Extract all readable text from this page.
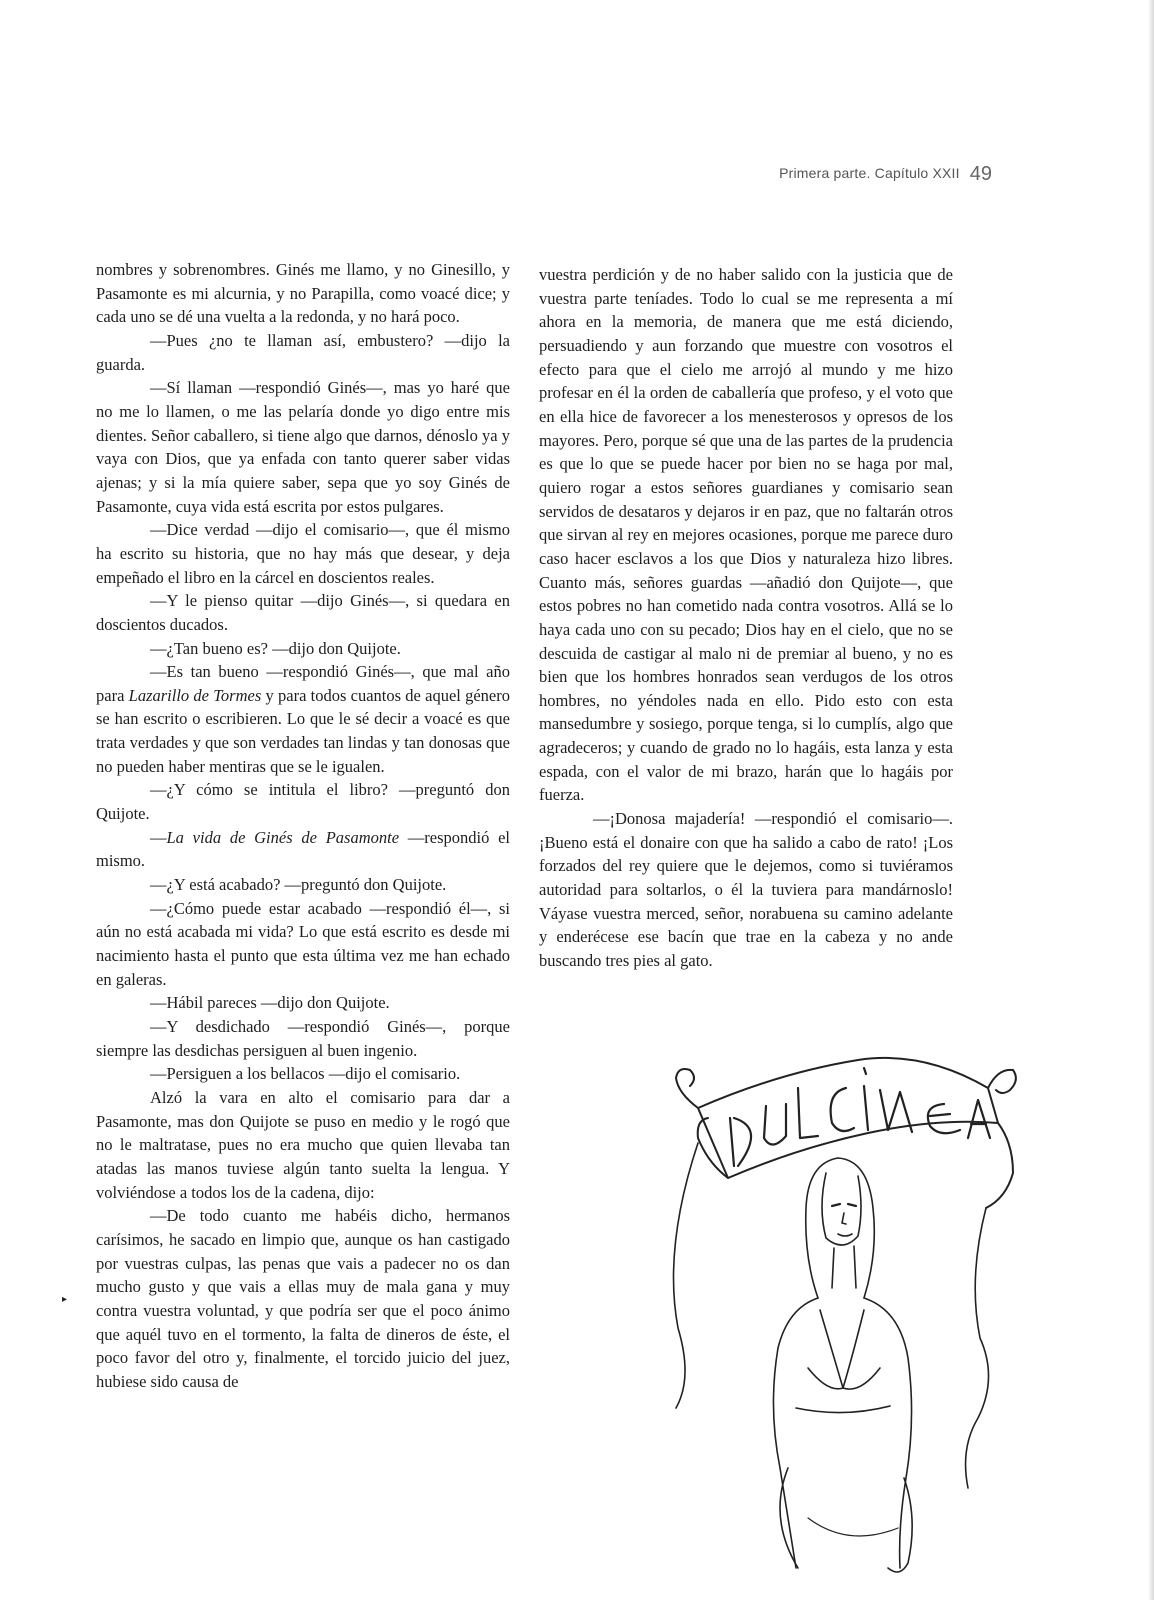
Primera parte. Capítulo XXII 49

nombres y sobrenombres. Ginés me llamo, y no Ginesillo, y Pasamonte es mi alcurnia, y no Parapilla, como voacé dice; y cada uno se dé una vuelta a la redonda, y no hará poco.

—Pues ¿no te llaman así, embustero? —dijo la guarda.

—Sí llaman —respondió Ginés—, mas yo haré que no me lo llamen, o me las pelaría donde yo digo entre mis dientes. Señor caballero, si tiene algo que darnos, dénoslo ya y vaya con Dios, que ya enfada con tanto querer saber vidas ajenas; y si la mía quiere saber, sepa que yo soy Ginés de Pasamonte, cuya vida está escrita por estos pulgares.

—Dice verdad —dijo el comisario—, que él mismo ha escrito su historia, que no hay más que desear, y deja empeñado el libro en la cárcel en doscientos reales.

—Y le pienso quitar —dijo Ginés—, si quedara en doscientos ducados.

—¿Tan bueno es? —dijo don Quijote.

—Es tan bueno —respondió Ginés—, que mal año para Lazarillo de Tormes y para todos cuantos de aquel género se han escrito o escribieren. Lo que le sé decir a voacé es que trata verdades y que son verdades tan lindas y tan donosas que no pueden haber mentiras que se le igualen.

—¿Y cómo se intitula el libro? —preguntó don Quijote.

—La vida de Ginés de Pasamonte —respondió el mismo.

—¿Y está acabado? —preguntó don Quijote.

—¿Cómo puede estar acabado —respondió él—, si aún no está acabada mi vida? Lo que está escrito es desde mi nacimiento hasta el punto que esta última vez me han echado en galeras.

—Hábil pareces —dijo don Quijote.

—Y desdichado —respondió Ginés—, porque siempre las desdichas persiguen al buen ingenio.

—Persiguen a los bellacos —dijo el comisario.

Alzó la vara en alto el comisario para dar a Pasamonte, mas don Quijote se puso en medio y le rogó que no le maltratase, pues no era mucho que quien llevaba tan atadas las manos tuviese algún tanto suelta la lengua. Y volviéndose a todos los de la cadena, dijo:

—De todo cuanto me habéis dicho, hermanos carísimos, he sacado en limpio que, aunque os han castigado por vuestras culpas, las penas que vais a padecer no os dan mucho gusto y que vais a ellas muy de mala gana y muy contra vuestra voluntad, y que podría ser que el poco ánimo que aquél tuvo en el tormento, la falta de dineros de éste, el poco favor del otro y, finalmente, el torcido juicio del juez, hubiese sido causa de

▸

vuestra perdición y de no haber salido con la justicia que de vuestra parte teníades. Todo lo cual se me representa a mí ahora en la memoria, de manera que me está diciendo, persuadiendo y aun forzando que muestre con vosotros el efecto para que el cielo me arrojó al mundo y me hizo profesar en él la orden de caballería que profeso, y el voto que en ella hice de favorecer a los menesterosos y opresos de los mayores. Pero, porque sé que una de las partes de la prudencia es que lo que se puede hacer por bien no se haga por mal, quiero rogar a estos señores guardianes y comisario sean servidos de desataros y dejaros ir en paz, que no faltarán otros que sirvan al rey en mejores ocasiones, porque me parece duro caso hacer esclavos a los que Dios y naturaleza hizo libres. Cuanto más, señores guardas —añadió don Quijote—, que estos pobres no han cometido nada contra vosotros. Allá se lo haya cada uno con su pecado; Dios hay en el cielo, que no se descuida de castigar al malo ni de premiar al bueno, y no es bien que los hombres honrados sean verdugos de los otros hombres, no yéndoles nada en ello. Pido esto con esta mansedumbre y sosiego, porque tenga, si lo cumplís, algo que agradeceros; y cuando de grado no lo hagáis, esta lanza y esta espada, con el valor de mi brazo, harán que lo hagáis por fuerza.

—¡Donosa majadería! —respondió el comisario—. ¡Bueno está el donaire con que ha salido a cabo de rato! ¡Los forzados del rey quiere que le dejemos, como si tuviéramos autoridad para soltarlos, o él la tuviera para mandárnoslo! Váyase vuestra merced, señor, norabuena su camino adelante y enderécese ese bacín que trae en la cabeza y no ande buscando tres pies al gato.
